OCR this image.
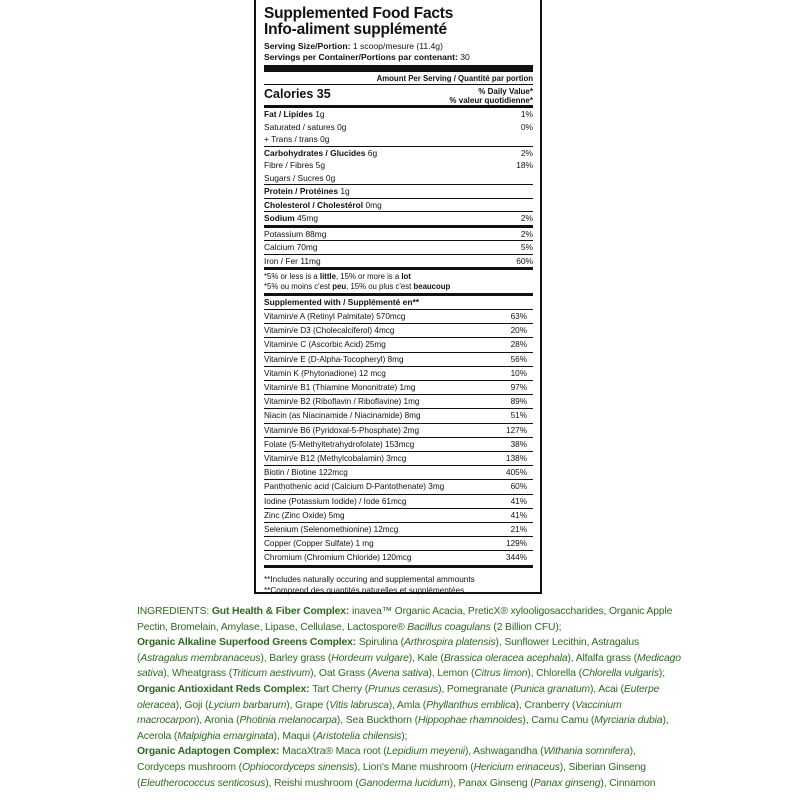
Supplemented Food Facts
Info-aliment supplémenté
Serving Size/Portion: 1 scoop/mesure (11.4g)
Servings per Container/Portions par contenant: 30
Amount Per Serving / Quantité par portion
Calories 35	% Daily Value*
% valeur quotidienne*
Fat / Lipides 1g	1%
Saturated / satures 0g	0%
+ Trans / trans 0g
Carbohydrates / Glucides 6g	2%
Fibre / Fibres 5g	18%
Sugars / Sucres 0g
Protein / Protéines 1g
Cholesterol / Cholestérol 0mg
Sodium 45mg	2%
Potassium 88mg	2%
Calcium 70mg	5%
Iron / Fer 11mg	60%
*5% or less is a little, 15% or more is a lot
*5% ou moins c'est peu, 15% ou plus c'est beaucoup
Supplemented with / Supplémenté en**
Vitamin/e A (Retinyl Palmitate) 570mcg	63%
Vitamin/e D3 (Cholecalciferol) 4mcg	20%
Vitamin/e C (Ascorbic Acid) 25mg	28%
Vitamin/e E (D-Alpha-Tocopheryl) 8mg	56%
Vitamin K (Phytonadione) 12 mcg	10%
Vitamin/e B1 (Thiamine Mononitrate) 1mg	97%
Vitamin/e B2 (Riboflavin / Riboflavine) 1mg	89%
Niacin (as Niacinamide / Niacinamide) 8mg	51%
Vitamin/e B6 (Pyridoxal-5-Phosphate) 2mg	127%
Folate (5-Methyltetrahydrofolate) 153mcg	38%
Vitamin/e B12 (Methylcobalamin) 3mcg	138%
Biotin / Biotine 122mcg	405%
Panthothenic acid (Calcium D-Pantothenate) 3mg	60%
Iodine (Potassium Iodide) / Iode 61mcg	41%
Zinc (Zinc Oxide) 5mg	41%
Selenium (Selenomethionine) 12mcg	21%
Copper (Copper Sulfate) 1 mg	129%
Chromium (Chromium Chloride) 120mcg	344%
**Includes naturally occuring and supplemental ammounts
**Comprend des quantités naturelles et supplémentées
INGREDIENTS: Gut Health & Fiber Complex: inavea™ Organic Acacia, PreticX® xylooligosaccharides, Organic Apple Pectin, Bromelain, Amylase, Lipase, Cellulase, Lactospore® Bacillus coagulans (2 Billion CFU);
Organic Alkaline Superfood Greens Complex: Spirulina (Arthrospira platensis), Sunflower Lecithin, Astragalus (Astragalus membranaceus), Barley grass (Hordeum vulgare), Kale (Brassica oleracea acephala), Alfalfa grass (Medicago sativa), Wheatgrass (Triticum aestivum), Oat Grass (Avena sativa), Lemon (Citrus limon), Chlorella (Chlorella vulgaris);
Organic Antioxidant Reds Complex: Tart Cherry (Prunus cerasus), Pomegranate (Punica granatum), Acai (Euterpe oleracea), Goji (Lycium barbarum), Grape (Vitis labrusca), Amla (Phyllanthus emblica), Cranberry (Vaccinium macrocarpon), Aronia (Photinia melanocarpa), Sea Buckthorn (Hippophae rhamnoides), Camu Camu (Myrciaria dubia), Acerola (Malpighia emarginata), Maqui (Aristotelia chilensis);
Organic Adaptogen Complex: MacaXtra® Maca root (Lepidium meyenii), Ashwagandha (Withania somnifera), Cordyceps mushroom (Ophiocordyceps sinensis), Lion's Mane mushroom (Hericium erinaceus), Siberian Ginseng (Eleutherococcus senticosus), Reishi mushroom (Ganoderma lucidum), Panax Ginseng (Panax ginseng), Cinnamon
